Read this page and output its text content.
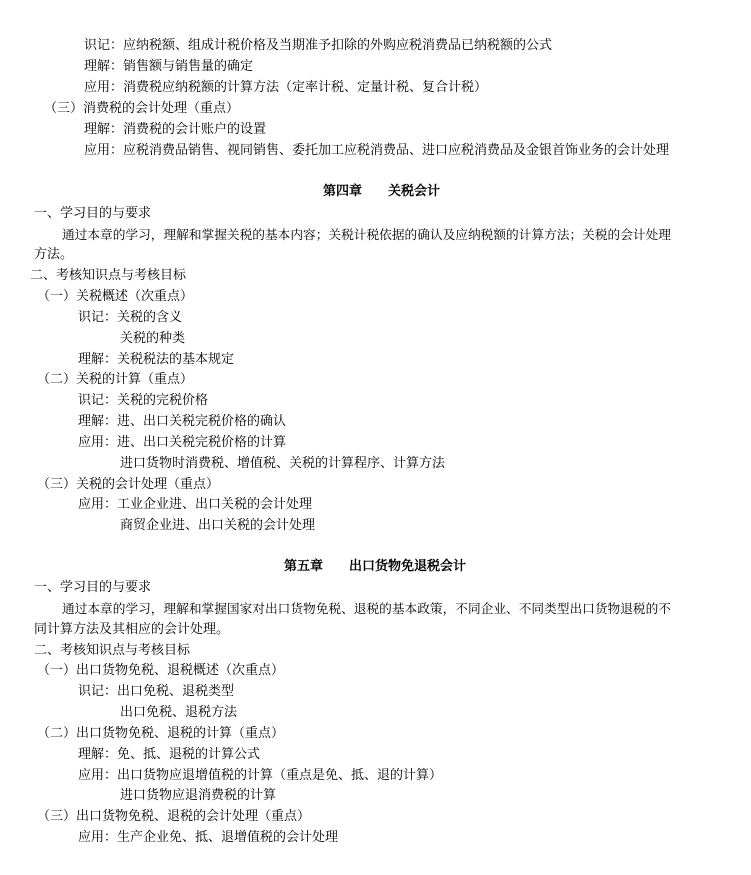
识记：应纳税额、组成计税价格及当期准予扣除的外购应税消费品已纳税额的公式
理解：销售额与销售量的确定
应用：消费税应纳税额的计算方法（定率计税、定量计税、复合计税）
（三）消费税的会计处理（重点）
理解：消费税的会计账户的设置
应用：应税消费品销售、视同销售、委托加工应税消费品、进口应税消费品及金银首饰业务的会计处理
第四章　　关税会计
一、学习目的与要求
通过本章的学习，理解和掌握关税的基本内容；关税计税依据的确认及应纳税额的计算方法；关税的会计处理
方法。
二、考核知识点与考核目标
（一）关税概述（次重点）
识记：关税的含义
关税的种类
理解：关税税法的基本规定
（二）关税的计算（重点）
识记：关税的完税价格
理解：进、出口关税完税价格的确认
应用：进、出口关税完税价格的计算
进口货物时消费税、增值税、关税的计算程序、计算方法
（三）关税的会计处理（重点）
应用：工业企业进、出口关税的会计处理
商贸企业进、出口关税的会计处理
第五章　　出口货物免退税会计
一、学习目的与要求
通过本章的学习，理解和掌握国家对出口货物免税、退税的基本政策，不同企业、不同类型出口货物退税的不
同计算方法及其相应的会计处理。
二、考核知识点与考核目标
（一）出口货物免税、退税概述（次重点）
识记：出口免税、退税类型
出口免税、退税方法
（二）出口货物免税、退税的计算（重点）
理解：免、抵、退税的计算公式
应用：出口货物应退增值税的计算（重点是免、抵、退的计算）
进口货物应退消费税的计算
（三）出口货物免税、退税的会计处理（重点）
应用：生产企业免、抵、退增值税的会计处理
